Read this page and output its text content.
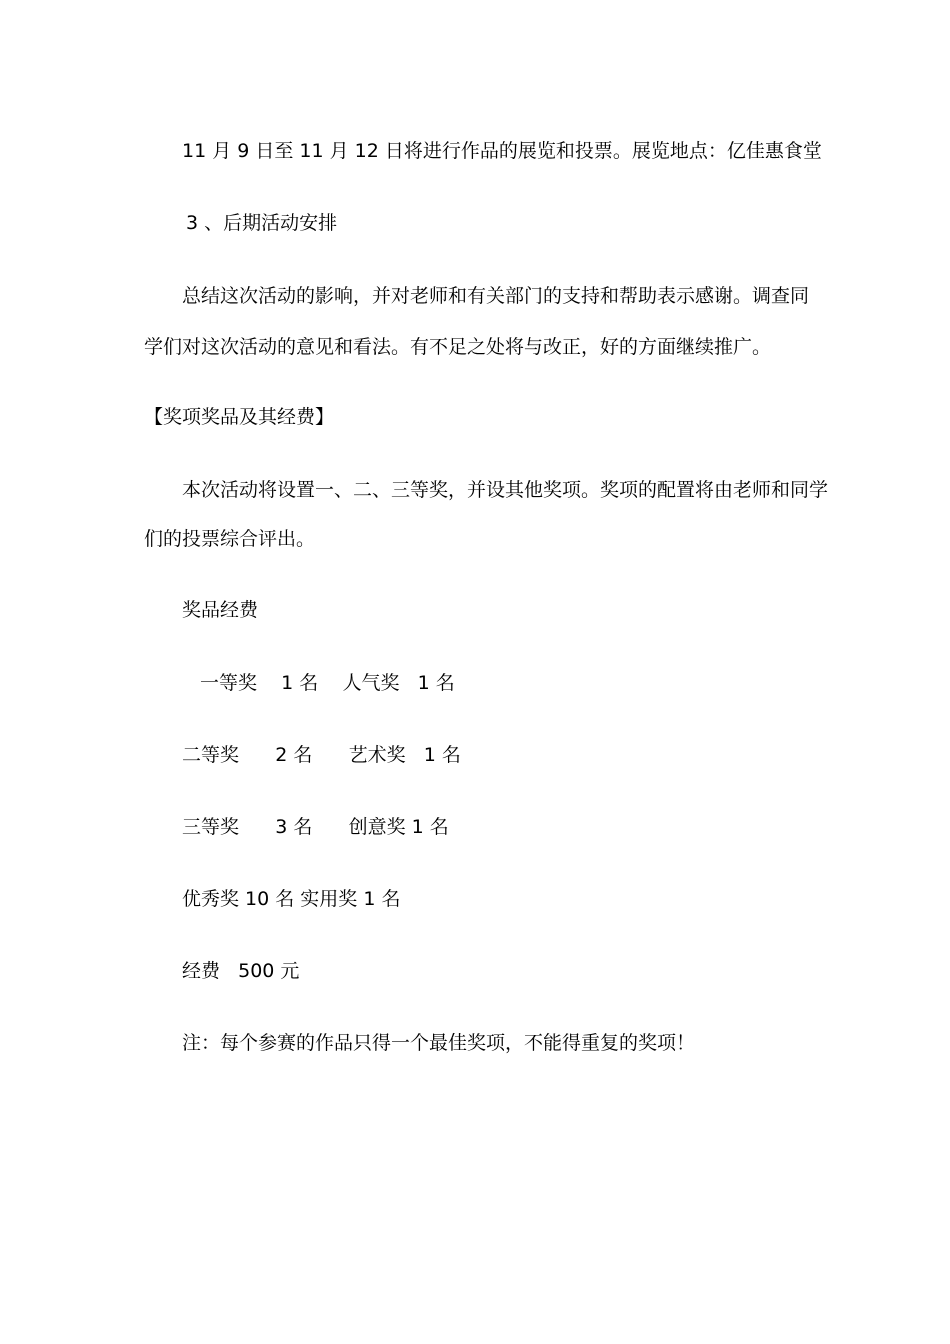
11 月 9 日至 11 月 12 日将进行作品的展览和投票。展览地点：亿佳惠食堂
3 、后期活动安排
总结这次活动的影响，并对老师和有关部门的支持和帮助表示感谢。调查同
学们对这次活动的意见和看法。有不足之处将与改正，好的方面继续推广。
【奖项奖品及其经费】
本次活动将设置一、二、三等奖，并设其他奖项。奖项的配置将由老师和同学
们的投票综合评出。
奖品经费
一等奖    1 名    人气奖   1 名
二等奖      2 名      艺术奖   1 名
三等奖      3 名      创意奖 1 名
优秀奖 10 名 实用奖 1 名
经费   500 元
注：每个参赛的作品只得一个最佳奖项，不能得重复的奖项！
